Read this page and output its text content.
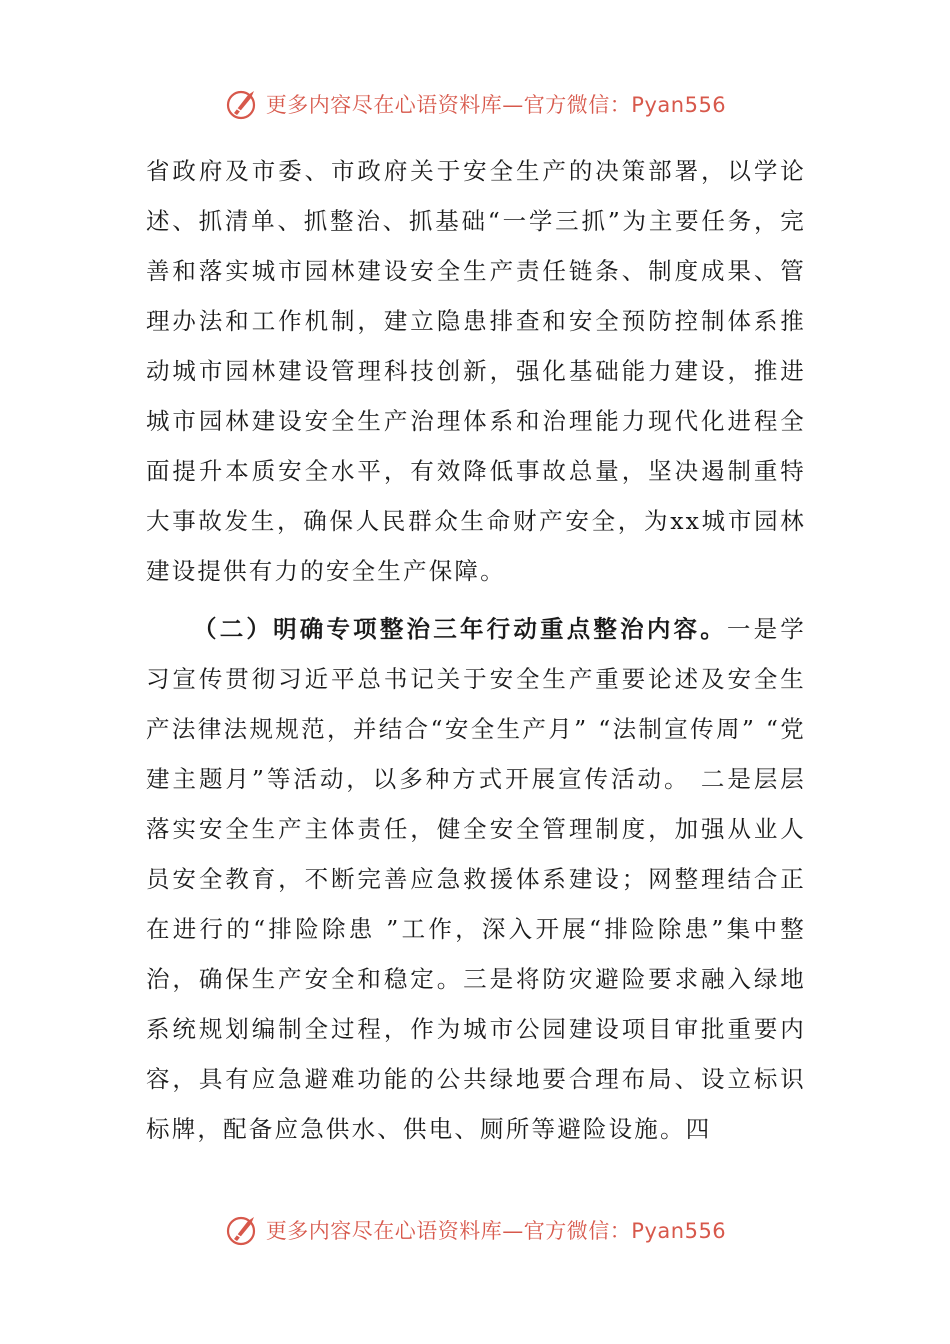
更多内容尽在心语资料库—官方微信：Pyan556

省政府及市委、市政府关于安全生产的决策部署，以学论述、抓清单、抓整治、抓基础“一学三抓”为主要任务，完善和落实城市园林建设安全生产责任链条、制度成果、管理办法和工作机制，建立隐患排查和安全预防控制体系推动城市园林建设管理科技创新，强化基础能力建设，推进城市园林建设安全生产治理体系和治理能力现代化进程全面提升本质安全水平，有效降低事故总量，坚决遏制重特大事故发生，确保人民群众生命财产安全，为xx城市园林建设提供有力的安全生产保障。

（二）明确专项整治三年行动重点整治内容。一是学习宣传贯彻习近平总书记关于安全生产重要论述及安全生产法律法规规范，并结合“安全生产月” “法制宣传周” “党建主题月”等活动，以多种方式开展宣传活动。 二是层层落实安全生产主体责任，健全安全管理制度，加强从业人员安全教育，不断完善应急救援体系建设；网整理结合正在进行的“排险除患 ”工作，深入开展“排险除患”集中整治，确保生产安全和稳定。三是将防灾避险要求融入绿地系统规划编制全过程，作为城市公园建设项目审批重要内容，具有应急避难功能的公共绿地要合理布局、设立标识标牌，配备应急供水、供电、厕所等避险设施。四

更多内容尽在心语资料库—官方微信：Pyan556
